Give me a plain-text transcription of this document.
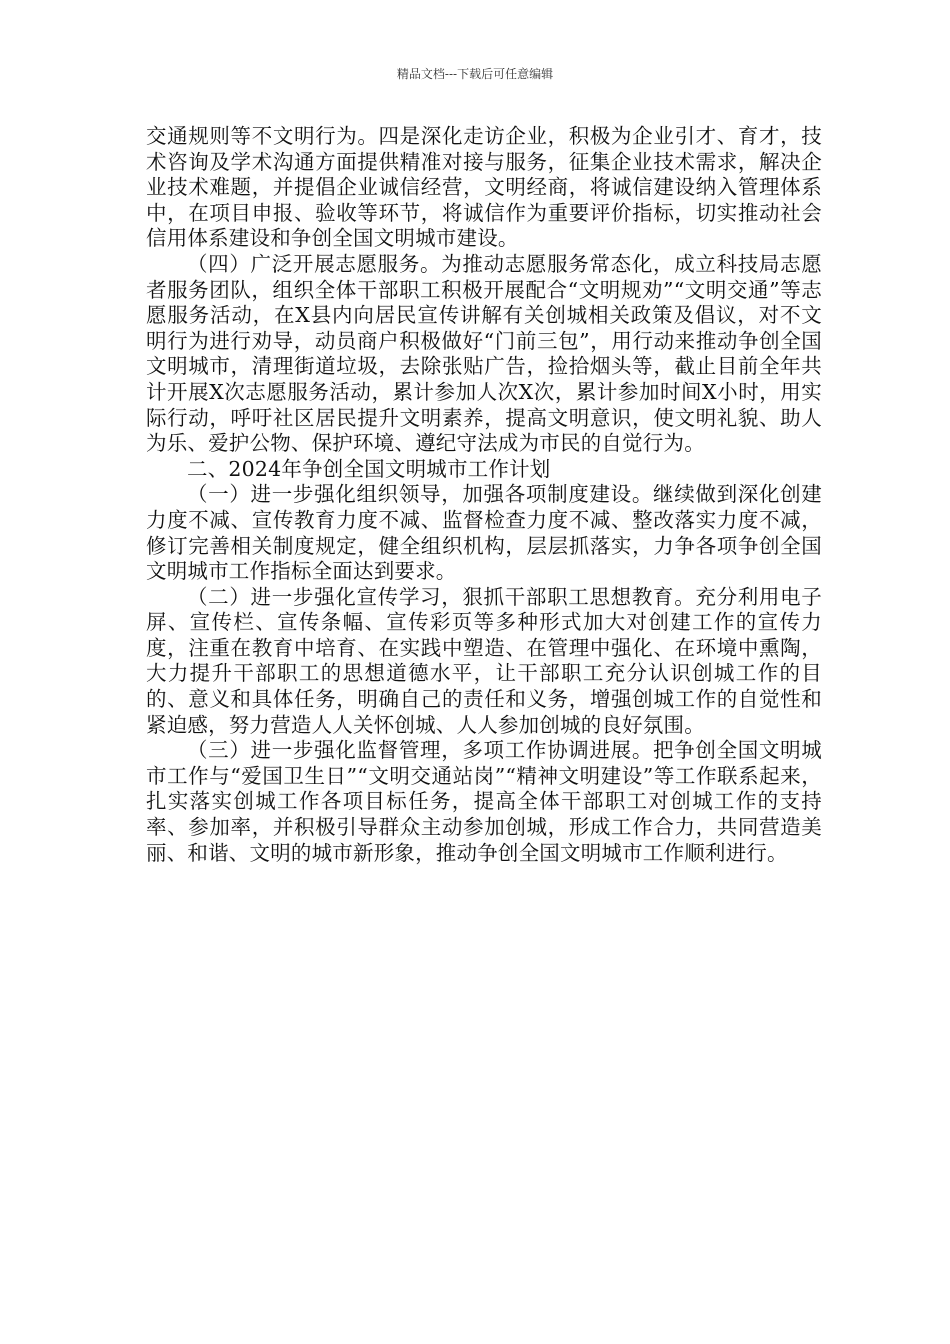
精品文档---下载后可任意编辑

交通规则等不文明行为。四是深化走访企业，积极为企业引才、育才，技术咨询及学术沟通方面提供精准对接与服务，征集企业技术需求，解决企业技术难题，并提倡企业诚信经营，文明经商，将诚信建设纳入管理体系中，在项目申报、验收等环节，将诚信作为重要评价指标，切实推动社会信用体系建设和争创全国文明城市建设。

（四）广泛开展志愿服务。为推动志愿服务常态化，成立科技局志愿者服务团队，组织全体干部职工积极开展配合“文明规劝”“文明交通”等志愿服务活动，在X县内向居民宣传讲解有关创城相关政策及倡议，对不文明行为进行劝导，动员商户积极做好“门前三包”，用行动来推动争创全国文明城市，清理街道垃圾，去除张贴广告，捡拾烟头等，截止目前全年共计开展X次志愿服务活动，累计参加人次X次，累计参加时间X小时，用实际行动，呼吁社区居民提升文明素养，提高文明意识，使文明礼貌、助人为乐、爱护公物、保护环境、遵纪守法成为市民的自觉行为。

二、2024年争创全国文明城市工作计划

（一）进一步强化组织领导，加强各项制度建设。继续做到深化创建力度不减、宣传教育力度不减、监督检查力度不减、整改落实力度不减，修订完善相关制度规定，健全组织机构，层层抓落实，力争各项争创全国文明城市工作指标全面达到要求。

（二）进一步强化宣传学习，狠抓干部职工思想教育。充分利用电子屏、宣传栏、宣传条幅、宣传彩页等多种形式加大对创建工作的宣传力度，注重在教育中培育、在实践中塑造、在管理中强化、在环境中熏陶，大力提升干部职工的思想道德水平，让干部职工充分认识创城工作的目的、意义和具体任务，明确自己的责任和义务，增强创城工作的自觉性和紧迫感，努力营造人人关怀创城、人人参加创城的良好氛围。

（三）进一步强化监督管理，多项工作协调进展。把争创全国文明城市工作与“爱国卫生日”“文明交通站岗”“精神文明建设”等工作联系起来，扎实落实创城工作各项目标任务，提高全体干部职工对创城工作的支持率、参加率，并积极引导群众主动参加创城，形成工作合力，共同营造美丽、和谐、文明的城市新形象，推动争创全国文明城市工作顺利进行。
